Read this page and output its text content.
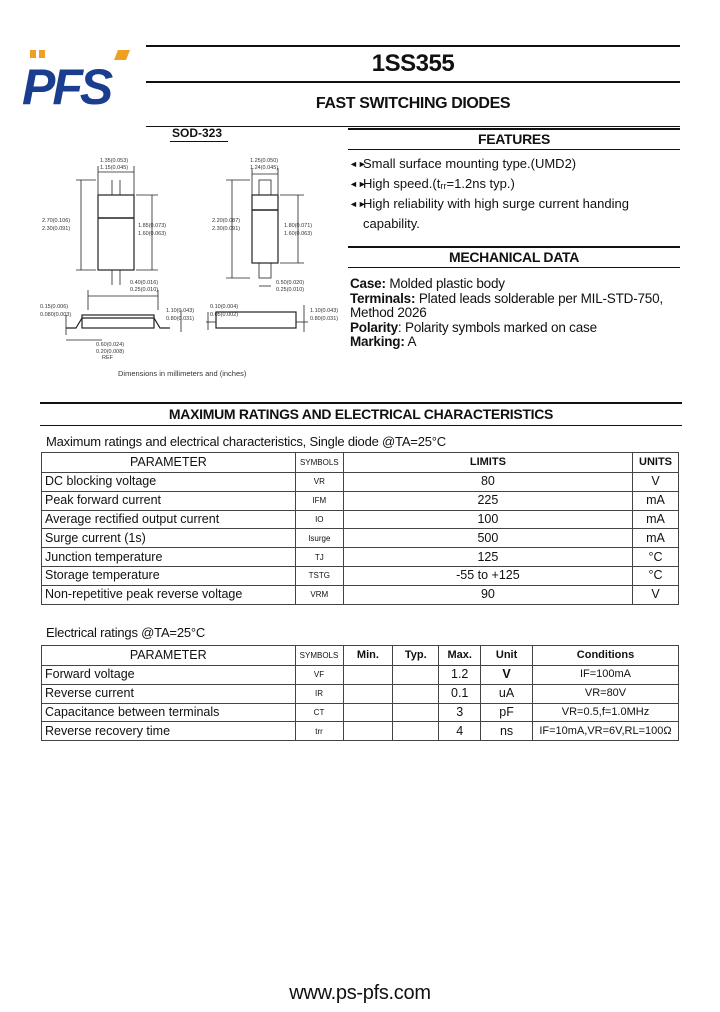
PFS	1SS355
FAST SWITCHING DIODES
SOD-323
1.35(0.053)
1.15(0.045)
2.70(0.106)
2.30(0.091)	1.85(0.073)
1.60(0.063)
0.40(0.016)
0.25(0.010)
0.15(0.006)
0.080(0.003)
1.10(0.043)
0.80(0.031)
0.60(0.024)
0.20(0.008)
REF
1.25(0.050)
1.24(0.045)
2.20(0.087)
2.30(0.091)	1.80(0.071)
1.60(0.063)
0.50(0.020)
0.25(0.010)
0.10(0.004)
0.05(0.002)
1.10(0.043)
0.80(0.031)
Dimensions in millimeters and (inches)
FEATURES
◄►Small surface mounting type.(UMD2)
◄►High speed.(tᵣᵣ=1.2ns typ.)
◄►High reliability with high surge current handing
capability.
MECHANICAL DATA
Case: Molded plastic body
Terminals: Plated leads solderable per MIL-STD-750,
Method 2026
Polarity: Polarity symbols marked on case
Marking: A
MAXIMUM RATINGS AND ELECTRICAL CHARACTERISTICS
Maximum ratings and electrical characteristics, Single diode @TA=25°C
PARAMETER	SYMBOLS	LIMITS	UNITS
DC blocking voltage	VR	80	V
Peak forward current	IFM	225	mA
Average rectified output current	IO	100	mA
Surge current (1s)	Isurge	500	mA
Junction temperature	TJ	125	°C
Storage temperature	TSTG	-55 to +125	°C
Non-repetitive peak reverse voltage	VRM	90	V
Electrical ratings @TA=25°C
PARAMETER	SYMBOLS	Min.	Typ.	Max.	Unit	Conditions
Forward voltage	VF			1.2	V	IF=100mA
Reverse current	IR			0.1	uA	VR=80V
Capacitance between terminals	CT			3	pF	VR=0.5,f=1.0MHz
Reverse recovery time	trr			4	ns	IF=10mA,VR=6V,RL=100Ω
www.ps-pfs.com
